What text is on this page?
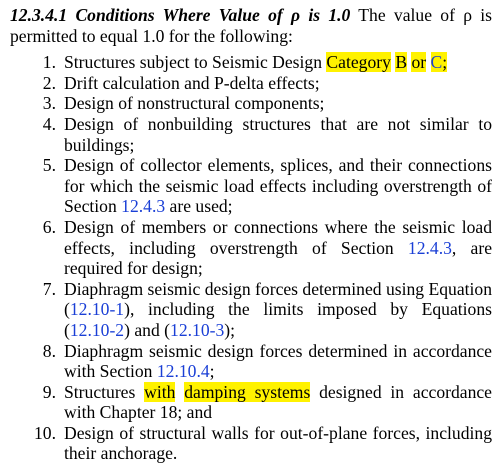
12.3.4.1 Conditions Where Value of ρ is 1.0 The value of ρ is permitted to equal 1.0 for the following:

1. Structures subject to Seismic Design Category B or C;
2. Drift calculation and P-delta effects;
3. Design of nonstructural components;
4. Design of nonbuilding structures that are not similar to buildings;
5. Design of collector elements, splices, and their connections for which the seismic load effects including overstrength of Section 12.4.3 are used;
6. Design of members or connections where the seismic load effects, including overstrength of Section 12.4.3, are required for design;
7. Diaphragm seismic design forces determined using Equation (12.10-1), including the limits imposed by Equations (12.10-2) and (12.10-3);
8. Diaphragm seismic design forces determined in accordance with Section 12.10.4;
9. Structures with damping systems designed in accordance with Chapter 18; and
10. Design of structural walls for out-of-plane forces, including their anchorage.
